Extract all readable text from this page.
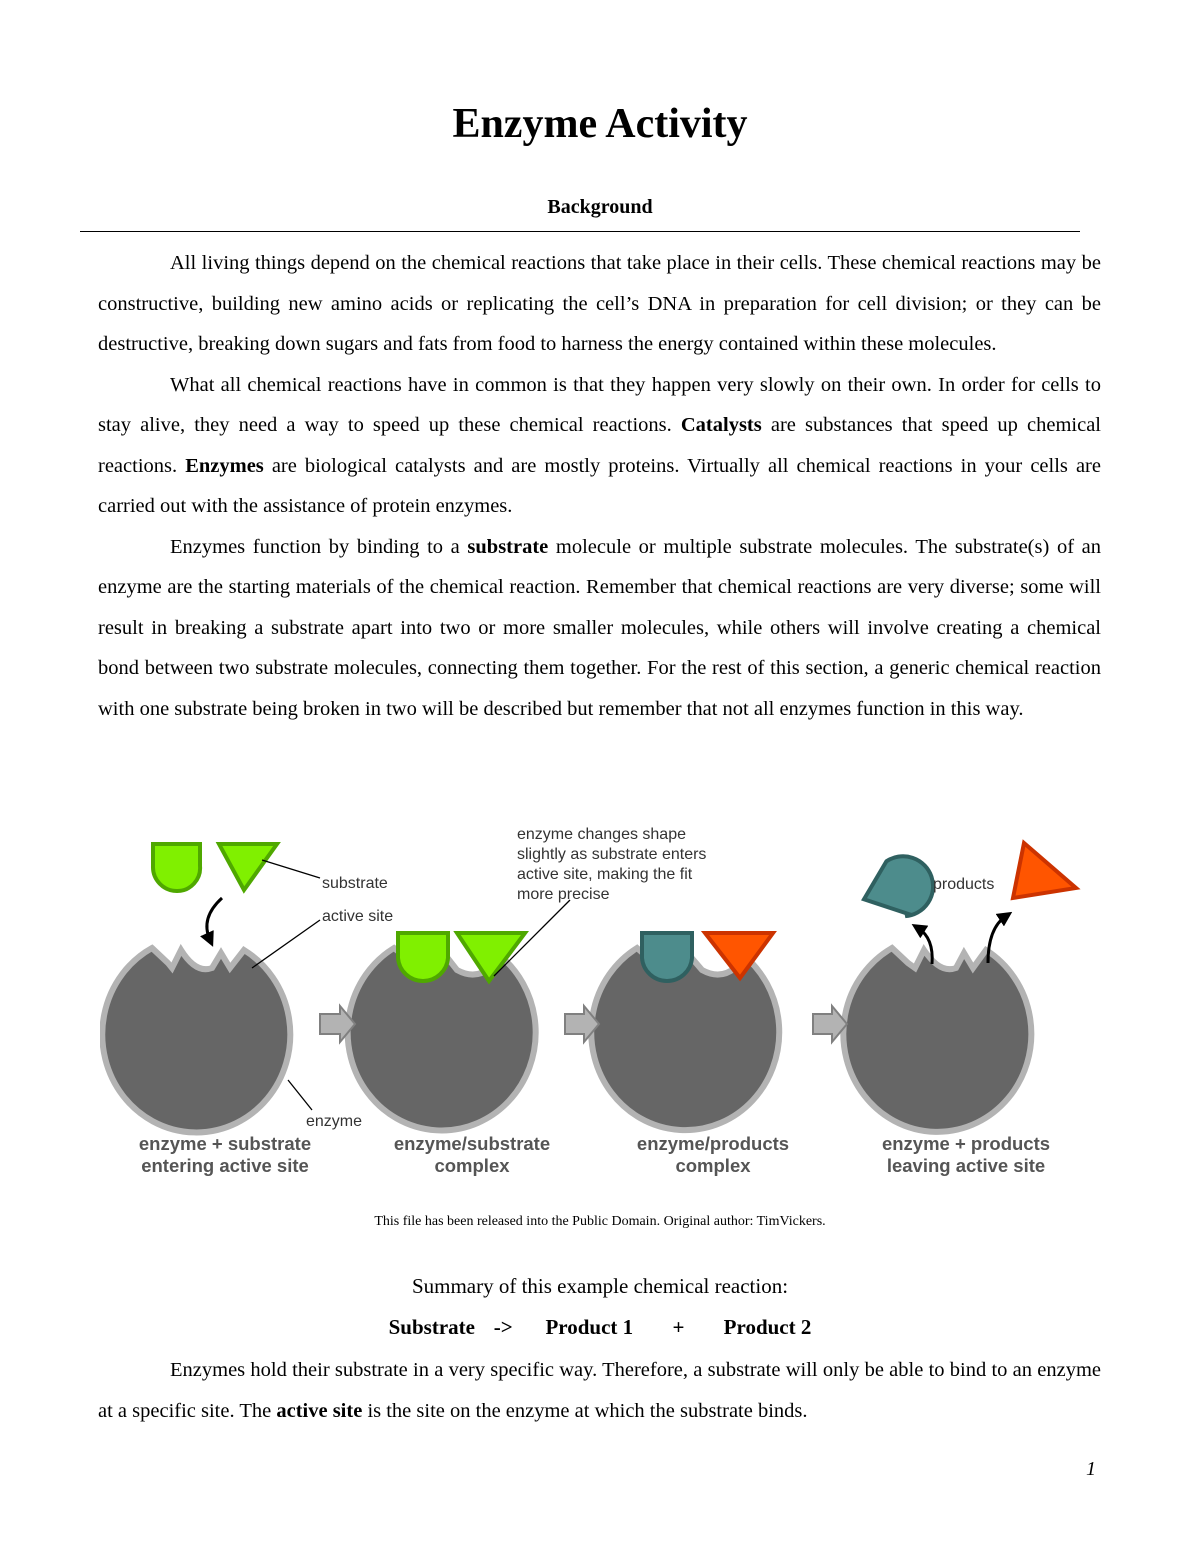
Enzyme Activity
Background

All living things depend on the chemical reactions that take place in their cells. These chemical reactions may be constructive, building new amino acids or replicating the cell’s DNA in preparation for cell division; or they can be destructive, breaking down sugars and fats from food to harness the energy contained within these molecules.

What all chemical reactions have in common is that they happen very slowly on their own. In order for cells to stay alive, they need a way to speed up these chemical reactions. Catalysts are substances that speed up chemical reactions. Enzymes are biological catalysts and are mostly proteins. Virtually all chemical reactions in your cells are carried out with the assistance of protein enzymes.

Enzymes function by binding to a substrate molecule or multiple substrate molecules. The substrate(s) of an enzyme are the starting materials of the chemical reaction. Remember that chemical reactions are very diverse; some will result in breaking a substrate apart into two or more smaller molecules, while others will involve creating a chemical bond between two substrate molecules, connecting them together. For the rest of this section, a generic chemical reaction with one substrate being broken in two will be described but remember that not all enzymes function in this way.

substrate
active site
enzyme changes shape
slightly as substrate enters
active site, making the fit
more precise
products
enzyme
enzyme + substrate
entering active site
enzyme/substrate
complex
enzyme/products
complex
enzyme + products
leaving active site
This file has been released into the Public Domain. Original author: TimVickers.
Summary of this example chemical reaction:
Substrate -> Product 1 + Product 2

Enzymes hold their substrate in a very specific way. Therefore, a substrate will only be able to bind to an enzyme at a specific site. The active site is the site on the enzyme at which the substrate binds.

1
